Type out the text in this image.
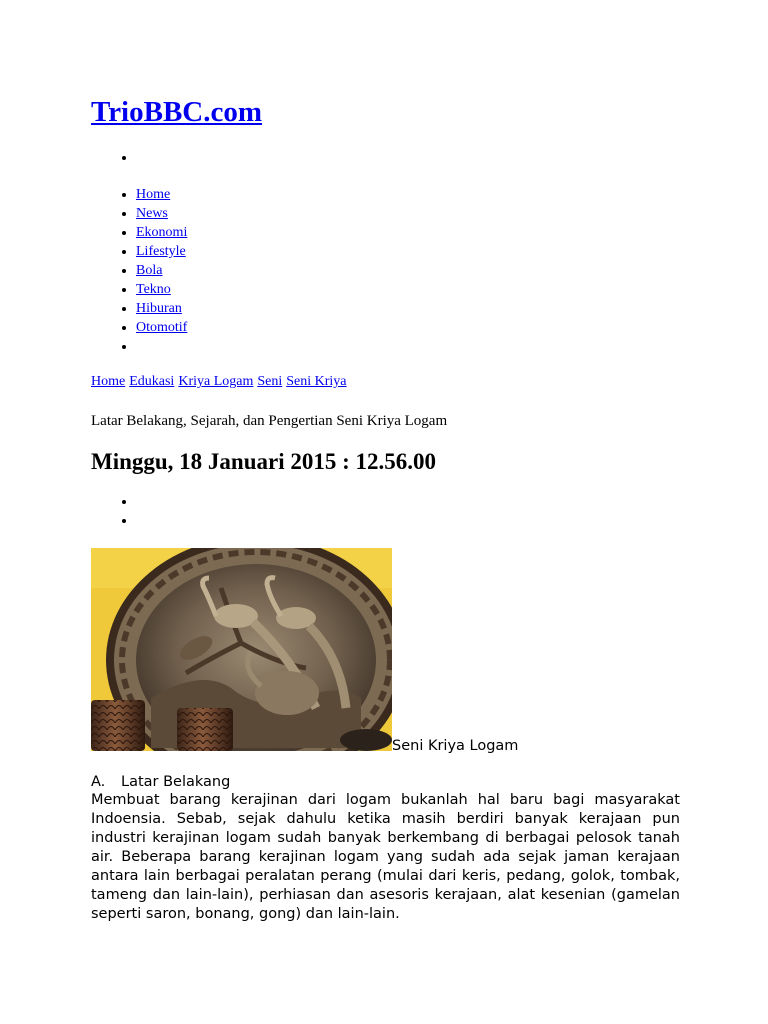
TrioBBC.com
• Home
• News
• Ekonomi
• Lifestyle
• Bola
• Tekno
• Hiburan
• Otomotif
•
Home Edukasi Kriya Logam Seni Seni Kriya
Latar Belakang, Sejarah, dan Pengertian Seni Kriya Logam
Minggu, 18 Januari 2015 : 12.56.00
Seni Kriya Logam
A. Latar Belakang

Membuat barang kerajinan dari logam bukanlah hal baru bagi masyarakat Indoensia. Sebab, sejak dahulu ketika masih berdiri banyak kerajaan pun industri kerajinan logam sudah banyak berkembang di berbagai pelosok tanah air. Beberapa barang kerajinan logam yang sudah ada sejak jaman kerajaan antara lain berbagai peralatan perang (mulai dari keris, pedang, golok, tombak, tameng dan lain-lain), perhiasan dan asesoris kerajaan, alat kesenian (gamelan seperti saron, bonang, gong) dan lain-lain.
